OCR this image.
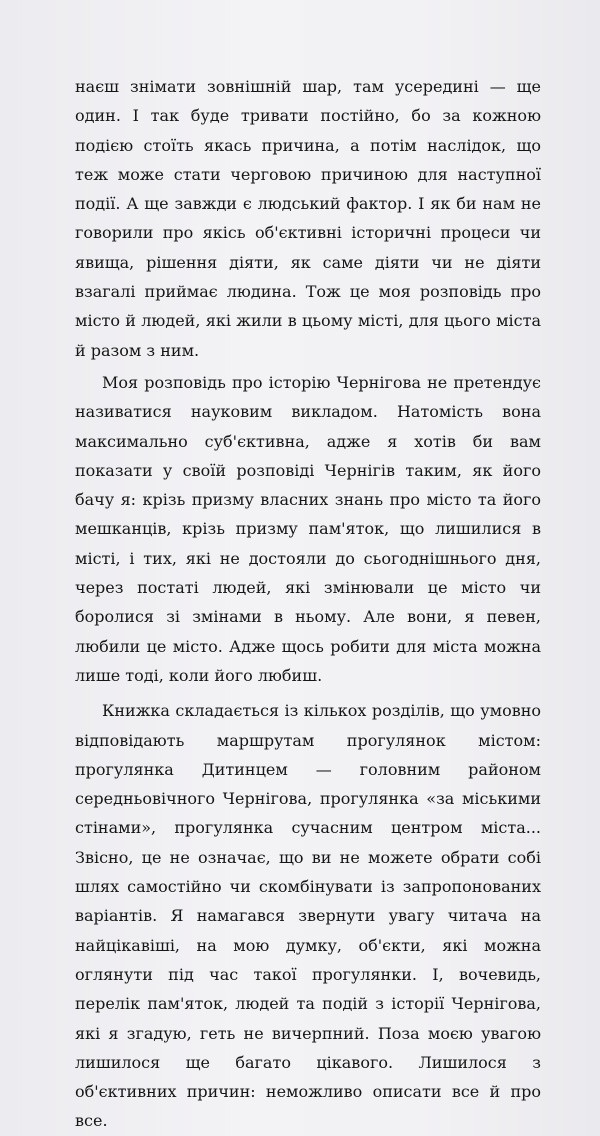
наєш знімати зовнішній шар, там усередині — ще один. І так буде тривати постійно, бо за кожною подією стоїть якась причина, а потім наслідок, що теж може стати черговою причиною для наступної події. А ще завжди є людський фактор. І як би нам не говорили про якісь об'єктивні історичні процеси чи явища, рішення діяти, як саме діяти чи не діяти взагалі приймає людина. Тож це моя розповідь про місто й людей, які жили в цьому місті, для цього міста й разом з ним.

Моя розповідь про історію Чернігова не претендує називатися науковим викладом. Натомість вона максимально суб'єктивна, адже я хотів би вам показати у своїй розповіді Чернігів таким, як його бачу я: крізь призму власних знань про місто та його мешканців, крізь призму пам'яток, що лишилися в місті, і тих, які не достояли до сьогоднішнього дня, через постаті людей, які змінювали це місто чи боролися зі змінами в ньому. Але вони, я певен, любили це місто. Адже щось робити для міста можна лише тоді, коли його любиш.

Книжка складається із кількох розділів, що умовно відповідають маршрутам прогулянок містом: прогулянка Дитинцем — головним районом середньовічного Чернігова, прогулянка «за міськими стінами», прогулянка сучасним центром міста... Звісно, це не означає, що ви не можете обрати собі шлях самостійно чи скомбінувати із запропонованих варіантів. Я намагався звернути увагу читача на найцікавіші, на мою думку, об'єкти, які можна оглянути під час такої прогулянки. І, вочевидь, перелік пам'яток, людей та подій з історії Чернігова, які я згадую, геть не вичерпний. Поза моєю увагою лишилося ще багато цікавого. Лишилося з об'єктивних причин: неможливо описати все й про все.
